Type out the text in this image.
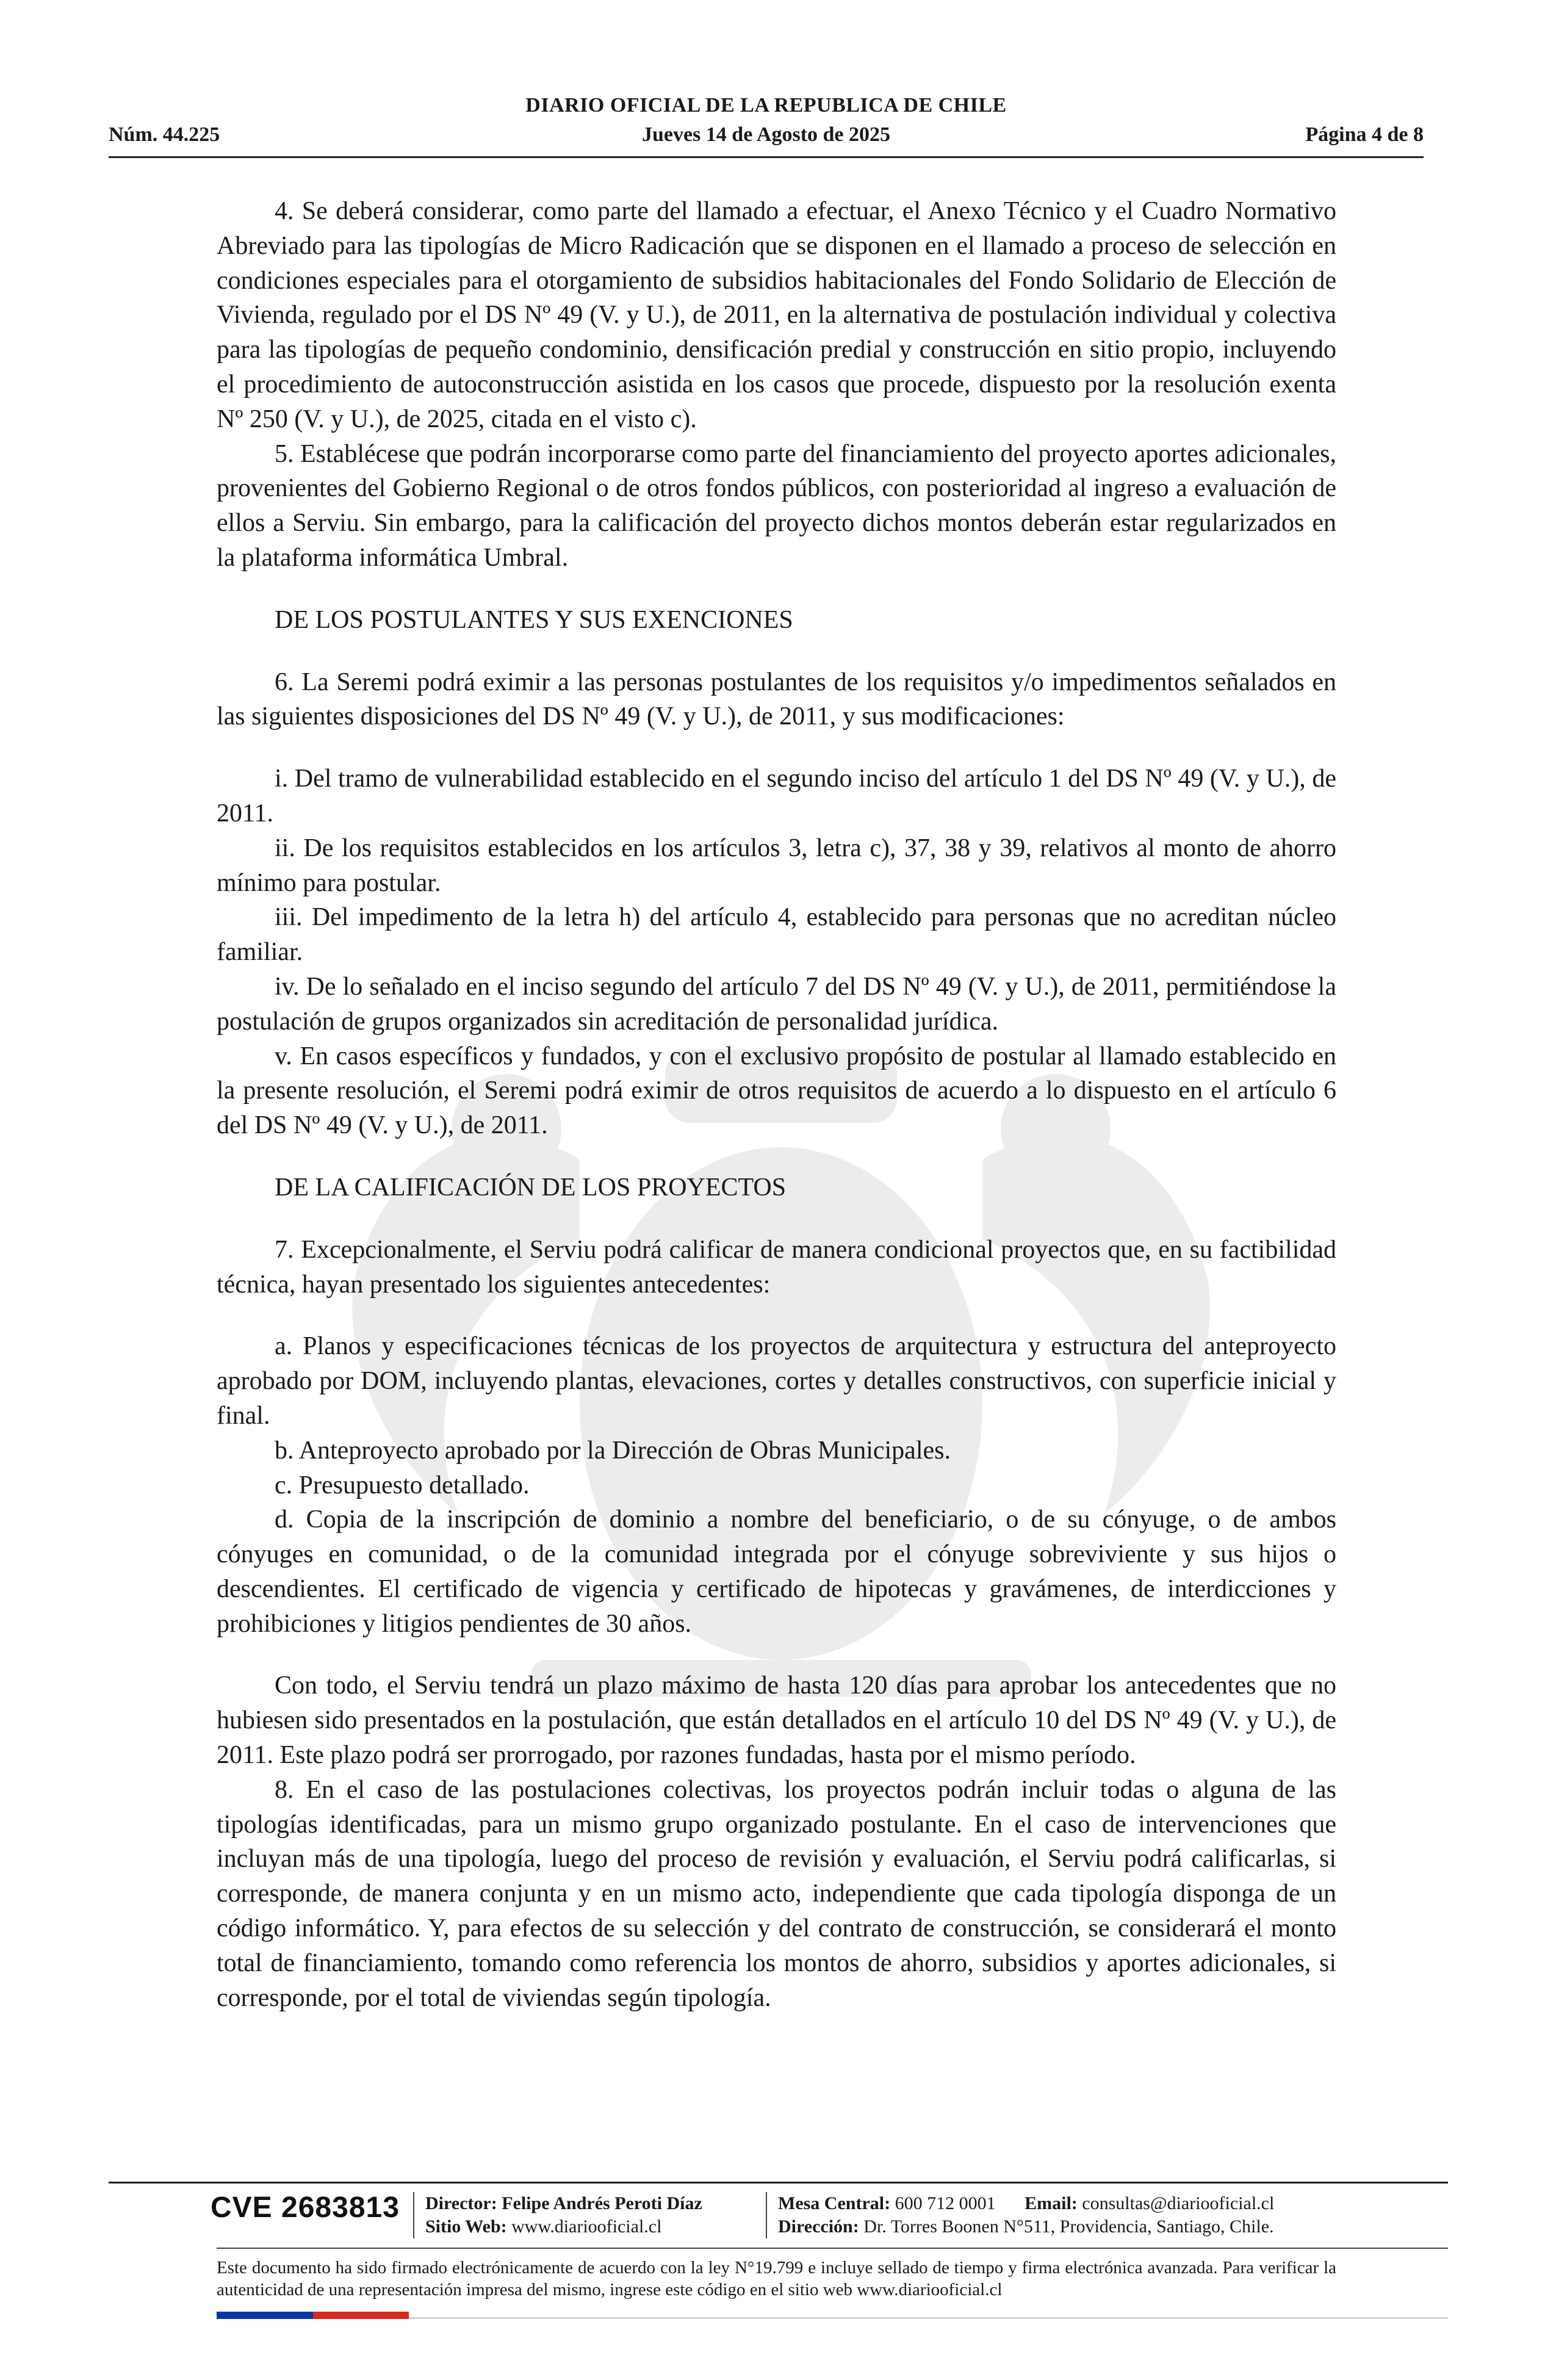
DIARIO OFICIAL DE LA REPUBLICA DE CHILE
Núm. 44.225	Jueves 14 de Agosto de 2025	Página 4 de 8

4. Se deberá considerar, como parte del llamado a efectuar, el Anexo Técnico y el Cuadro Normativo Abreviado para las tipologías de Micro Radicación que se disponen en el llamado a proceso de selección en condiciones especiales para el otorgamiento de subsidios habitacionales del Fondo Solidario de Elección de Vivienda, regulado por el DS Nº 49 (V. y U.), de 2011, en la alternativa de postulación individual y colectiva para las tipologías de pequeño condominio, densificación predial y construcción en sitio propio, incluyendo el procedimiento de autoconstrucción asistida en los casos que procede, dispuesto por la resolución exenta Nº 250 (V. y U.), de 2025, citada en el visto c).

5. Establécese que podrán incorporarse como parte del financiamiento del proyecto aportes adicionales, provenientes del Gobierno Regional o de otros fondos públicos, con posterioridad al ingreso a evaluación de ellos a Serviu. Sin embargo, para la calificación del proyecto dichos montos deberán estar regularizados en la plataforma informática Umbral.

DE LOS POSTULANTES Y SUS EXENCIONES

6. La Seremi podrá eximir a las personas postulantes de los requisitos y/o impedimentos señalados en las siguientes disposiciones del DS Nº 49 (V. y U.), de 2011, y sus modificaciones:

i. Del tramo de vulnerabilidad establecido en el segundo inciso del artículo 1 del DS Nº 49 (V. y U.), de 2011.

ii. De los requisitos establecidos en los artículos 3, letra c), 37, 38 y 39, relativos al monto de ahorro mínimo para postular.

iii. Del impedimento de la letra h) del artículo 4, establecido para personas que no acreditan núcleo familiar.

iv. De lo señalado en el inciso segundo del artículo 7 del DS Nº 49 (V. y U.), de 2011, permitiéndose la postulación de grupos organizados sin acreditación de personalidad jurídica.

v. En casos específicos y fundados, y con el exclusivo propósito de postular al llamado establecido en la presente resolución, el Seremi podrá eximir de otros requisitos de acuerdo a lo dispuesto en el artículo 6 del DS Nº 49 (V. y U.), de 2011.

DE LA CALIFICACIÓN DE LOS PROYECTOS

7. Excepcionalmente, el Serviu podrá calificar de manera condicional proyectos que, en su factibilidad técnica, hayan presentado los siguientes antecedentes:

a. Planos y especificaciones técnicas de los proyectos de arquitectura y estructura del anteproyecto aprobado por DOM, incluyendo plantas, elevaciones, cortes y detalles constructivos, con superficie inicial y final.

b. Anteproyecto aprobado por la Dirección de Obras Municipales.

c. Presupuesto detallado.

d. Copia de la inscripción de dominio a nombre del beneficiario, o de su cónyuge, o de ambos cónyuges en comunidad, o de la comunidad integrada por el cónyuge sobreviviente y sus hijos o descendientes. El certificado de vigencia y certificado de hipotecas y gravámenes, de interdicciones y prohibiciones y litigios pendientes de 30 años.

Con todo, el Serviu tendrá un plazo máximo de hasta 120 días para aprobar los antecedentes que no hubiesen sido presentados en la postulación, que están detallados en el artículo 10 del DS Nº 49 (V. y U.), de 2011. Este plazo podrá ser prorrogado, por razones fundadas, hasta por el mismo período.

8. En el caso de las postulaciones colectivas, los proyectos podrán incluir todas o alguna de las tipologías identificadas, para un mismo grupo organizado postulante. En el caso de intervenciones que incluyan más de una tipología, luego del proceso de revisión y evaluación, el Serviu podrá calificarlas, si corresponde, de manera conjunta y en un mismo acto, independiente que cada tipología disponga de un código informático. Y, para efectos de su selección y del contrato de construcción, se considerará el monto total de financiamiento, tomando como referencia los montos de ahorro, subsidios y aportes adicionales, si corresponde, por el total de viviendas según tipología.

CVE 2683813 Director: Felipe Andrés Peroti Díaz
Sitio Web: www.diariooficial.cl
Mesa Central: 600 712 0001 Email: consultas@diariooficial.cl
Dirección: Dr. Torres Boonen N°511, Providencia, Santiago, Chile.
Este documento ha sido firmado electrónicamente de acuerdo con la ley N°19.799 e incluye sellado de tiempo y firma electrónica avanzada. Para verificar la autenticidad de una representación impresa del mismo, ingrese este código en el sitio web www.diariooficial.cl
